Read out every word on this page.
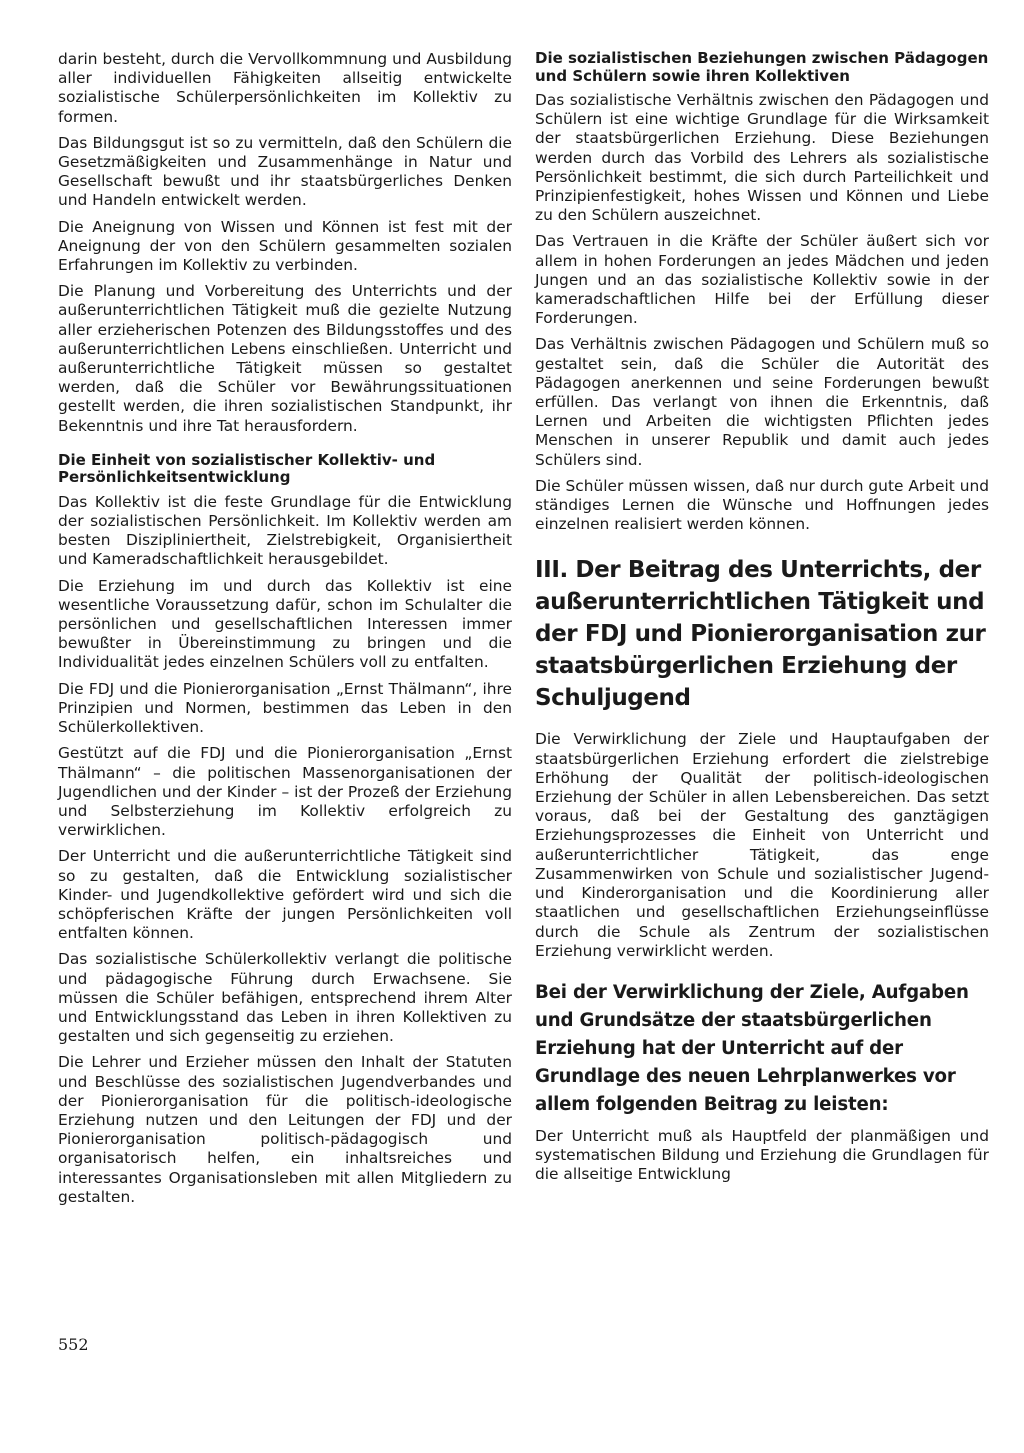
darin besteht, durch die Vervollkommnung und Ausbildung aller individuellen Fähigkeiten allseitig entwickelte sozialistische Schülerpersönlichkeiten im Kollektiv zu formen.

Das Bildungsgut ist so zu vermitteln, daß den Schülern die Gesetzmäßigkeiten und Zusammenhänge in Natur und Gesellschaft bewußt und ihr staatsbürgerliches Denken und Handeln entwickelt werden.

Die Aneignung von Wissen und Können ist fest mit der Aneignung der von den Schülern gesammelten sozialen Erfahrungen im Kollektiv zu verbinden.

Die Planung und Vorbereitung des Unterrichts und der außerunterrichtlichen Tätigkeit muß die gezielte Nutzung aller erzieherischen Potenzen des Bildungsstoffes und des außerunterrichtlichen Lebens einschließen. Unterricht und außerunterrichtliche Tätigkeit müssen so gestaltet werden, daß die Schüler vor Bewährungssituationen gestellt werden, die ihren sozialistischen Standpunkt, ihr Bekenntnis und ihre Tat herausfordern.

Die Einheit von sozialistischer Kollektiv- und Persönlichkeitsentwicklung

Das Kollektiv ist die feste Grundlage für die Entwicklung der sozialistischen Persönlichkeit. Im Kollektiv werden am besten Diszipliniertheit, Zielstrebigkeit, Organisiertheit und Kameradschaftlichkeit herausgebildet.

Die Erziehung im und durch das Kollektiv ist eine wesentliche Voraussetzung dafür, schon im Schulalter die persönlichen und gesellschaftlichen Interessen immer bewußter in Übereinstimmung zu bringen und die Individualität jedes einzelnen Schülers voll zu entfalten.

Die FDJ und die Pionierorganisation „Ernst Thälmann“, ihre Prinzipien und Normen, bestimmen das Leben in den Schülerkollektiven.

Gestützt auf die FDJ und die Pionierorganisation „Ernst Thälmann“ – die politischen Massenorganisationen der Jugendlichen und der Kinder – ist der Prozeß der Erziehung und Selbsterziehung im Kollektiv erfolgreich zu verwirklichen.

Der Unterricht und die außerunterrichtliche Tätigkeit sind so zu gestalten, daß die Entwicklung sozialistischer Kinder- und Jugendkollektive gefördert wird und sich die schöpferischen Kräfte der jungen Persönlichkeiten voll entfalten können.

Das sozialistische Schülerkollektiv verlangt die politische und pädagogische Führung durch Erwachsene. Sie müssen die Schüler befähigen, entsprechend ihrem Alter und Entwicklungsstand das Leben in ihren Kollektiven zu gestalten und sich gegenseitig zu erziehen.

Die Lehrer und Erzieher müssen den Inhalt der Statuten und Beschlüsse des sozialistischen Jugendverbandes und der Pionierorganisation für die politisch-ideologische Erziehung nutzen und den Leitungen der FDJ und der Pionierorganisation politisch-pädagogisch und organisatorisch helfen, ein inhaltsreiches und interessantes Organisationsleben mit allen Mitgliedern zu gestalten.

Die sozialistischen Beziehungen zwischen Pädagogen und Schülern sowie ihren Kollektiven

Das sozialistische Verhältnis zwischen den Pädagogen und Schülern ist eine wichtige Grundlage für die Wirksamkeit der staatsbürgerlichen Erziehung. Diese Beziehungen werden durch das Vorbild des Lehrers als sozialistische Persönlichkeit bestimmt, die sich durch Parteilichkeit und Prinzipienfestigkeit, hohes Wissen und Können und Liebe zu den Schülern auszeichnet.

Das Vertrauen in die Kräfte der Schüler äußert sich vor allem in hohen Forderungen an jedes Mädchen und jeden Jungen und an das sozialistische Kollektiv sowie in der kameradschaftlichen Hilfe bei der Erfüllung dieser Forderungen.

Das Verhältnis zwischen Pädagogen und Schülern muß so gestaltet sein, daß die Schüler die Autorität des Pädagogen anerkennen und seine Forderungen bewußt erfüllen. Das verlangt von ihnen die Erkenntnis, daß Lernen und Arbeiten die wichtigsten Pflichten jedes Menschen in unserer Republik und damit auch jedes Schülers sind.

Die Schüler müssen wissen, daß nur durch gute Arbeit und ständiges Lernen die Wünsche und Hoffnungen jedes einzelnen realisiert werden können.

III. Der Beitrag des Unterrichts, der außerunterrichtlichen Tätigkeit und der FDJ und Pionierorganisation zur staatsbürgerlichen Erziehung der Schuljugend

Die Verwirklichung der Ziele und Hauptaufgaben der staatsbürgerlichen Erziehung erfordert die zielstrebige Erhöhung der Qualität der politisch-ideologischen Erziehung der Schüler in allen Lebensbereichen. Das setzt voraus, daß bei der Gestaltung des ganztägigen Erziehungsprozesses die Einheit von Unterricht und außerunterrichtlicher Tätigkeit, das enge Zusammenwirken von Schule und sozialistischer Jugend- und Kinderorganisation und die Koordinierung aller staatlichen und gesellschaftlichen Erziehungseinflüsse durch die Schule als Zentrum der sozialistischen Erziehung verwirklicht werden.

Bei der Verwirklichung der Ziele, Aufgaben und Grundsätze der staatsbürgerlichen Erziehung hat der Unterricht auf der Grundlage des neuen Lehrplanwerkes vor allem folgenden Beitrag zu leisten:

Der Unterricht muß als Hauptfeld der planmäßigen und systematischen Bildung und Erziehung die Grundlagen für die allseitige Entwicklung

552
